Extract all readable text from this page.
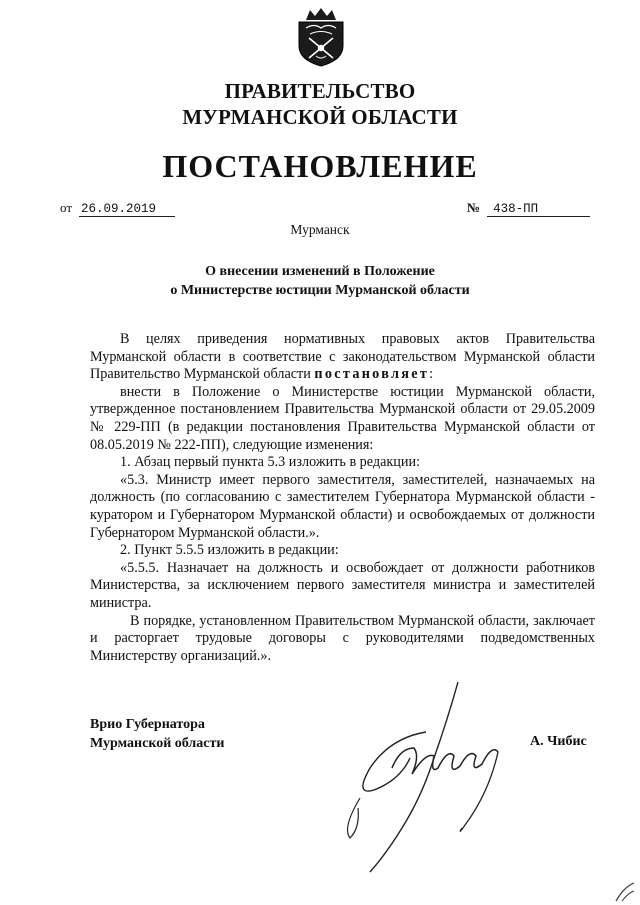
ПРАВИТЕЛЬСТВО
МУРМАНСКОЙ ОБЛАСТИ
ПОСТАНОВЛЕНИЕ
от 26.09.2019	№ 438-ПП
Мурманск
О внесении изменений в Положение
о Министерстве юстиции Мурманской области

В целях приведения нормативных правовых актов Правительства Мурманской области в соответствие с законодательством Мурманской области Правительство Мурманской области постановляет:

внести в Положение о Министерстве юстиции Мурманской области, утвержденное постановлением Правительства Мурманской области от 29.05.2009 № 229-ПП (в редакции постановления Правительства Мурманской области от 08.05.2019 № 222-ПП), следующие изменения:

1. Абзац первый пункта 5.3 изложить в редакции:

«5.3. Министр имеет первого заместителя, заместителей, назначаемых на должность (по согласованию с заместителем Губернатора Мурманской области - куратором и Губернатором Мурманской области) и освобождаемых от должности Губернатором Мурманской области.».

2. Пункт 5.5.5 изложить в редакции:

«5.5.5. Назначает на должность и освобождает от должности работников Министерства, за исключением первого заместителя министра и заместителей министра.

В порядке, установленном Правительством Мурманской области, заключает и расторгает трудовые договоры с руководителями подведомственных Министерству организаций.».

Врио Губернатора
Мурманской области	А. Чибис
